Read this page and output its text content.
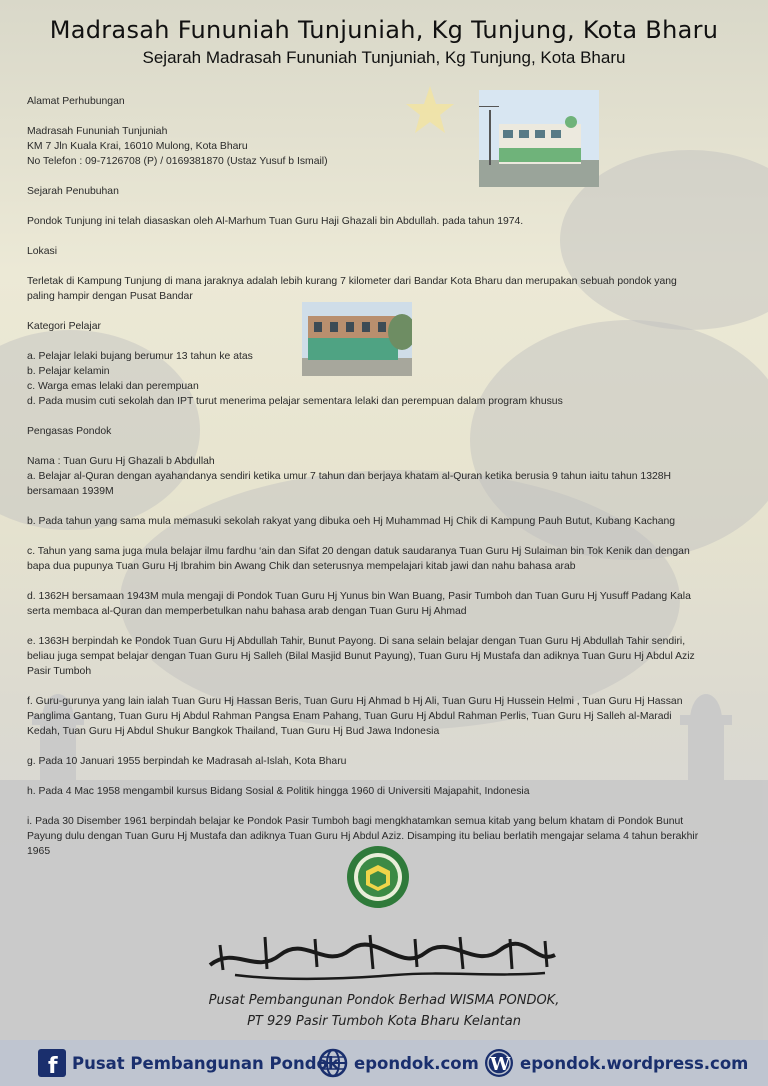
Madrasah Fununiah Tunjuniah, Kg Tunjung, Kota Bharu
Sejarah Madrasah Fununiah Tunjuniah, Kg Tunjung, Kota Bharu

Alamat Perhubungan

Madrasah Fununiah Tunjuniah

KM 7 Jln Kuala Krai, 16010 Mulong, Kota Bharu

No Telefon : 09-7126708 (P) / 0169381870 (Ustaz Yusuf b Ismail)

Sejarah Penubuhan

Pondok Tunjung ini telah diasaskan oleh Al-Marhum Tuan Guru Haji Ghazali bin Abdullah. pada tahun 1974.

Lokasi

Terletak di Kampung Tunjung di mana jaraknya adalah lebih kurang 7 kilometer dari Bandar Kota Bharu dan merupakan sebuah pondok yang

paling hampir dengan Pusat Bandar

Kategori Pelajar

a. Pelajar lelaki bujang berumur 13 tahun ke atas

b. Pelajar kelamin

c. Warga emas lelaki dan perempuan

d. Pada musim cuti sekolah dan IPT turut menerima pelajar sementara lelaki dan perempuan dalam program khusus

Pengasas Pondok

Nama : Tuan Guru Hj Ghazali b Abdullah

a. Belajar al-Quran dengan ayahandanya sendiri ketika umur 7 tahun dan berjaya khatam al-Quran ketika berusia 9 tahun iaitu tahun 1328H

bersamaan 1939M

b. Pada tahun yang sama mula memasuki sekolah rakyat yang dibuka oeh Hj Muhammad Hj Chik di Kampung Pauh Butut, Kubang Kachang

c. Tahun yang sama juga mula belajar ilmu fardhu ‘ain dan Sifat 20 dengan datuk saudaranya Tuan Guru Hj Sulaiman bin Tok Kenik dan dengan

bapa dua pupunya Tuan Guru Hj Ibrahim bin Awang Chik dan seterusnya mempelajari kitab jawi dan nahu bahasa arab

d. 1362H bersamaan 1943M mula mengaji di Pondok Tuan Guru Hj Yunus bin Wan Buang, Pasir Tumboh dan Tuan Guru Hj Yusuff Padang Kala

serta membaca al-Quran dan memperbetulkan nahu bahasa arab dengan Tuan Guru Hj Ahmad

e. 1363H berpindah ke Pondok Tuan Guru Hj Abdullah Tahir, Bunut Payong. Di sana selain belajar dengan Tuan Guru Hj Abdullah Tahir sendiri,

beliau juga sempat belajar dengan Tuan Guru Hj Salleh (Bilal Masjid Bunut Payung), Tuan Guru Hj Mustafa dan adiknya Tuan Guru Hj Abdul Aziz

Pasir Tumboh

f. Guru-gurunya yang lain ialah Tuan Guru Hj Hassan Beris, Tuan Guru Hj Ahmad b Hj Ali, Tuan Guru Hj Hussein Helmi , Tuan Guru Hj Hassan

Panglima Gantang, Tuan Guru Hj Abdul Rahman Pangsa Enam Pahang, Tuan Guru Hj Abdul Rahman Perlis, Tuan Guru Hj Salleh al-Maradi

Kedah, Tuan Guru Hj Abdul Shukur Bangkok Thailand, Tuan Guru Hj Bud Jawa Indonesia

g. Pada 10 Januari 1955 berpindah ke Madrasah al-Islah, Kota Bharu

h. Pada 4 Mac 1958 mengambil kursus Bidang Sosial & Politik hingga 1960 di Universiti Majapahit, Indonesia

i. Pada 30 Disember 1961 berpindah belajar ke Pondok Pasir Tumboh bagi mengkhatamkan semua kitab yang belum khatam di Pondok Bunut

Payung dulu dengan Tuan Guru Hj Mustafa dan adiknya Tuan Guru Hj Abdul Aziz. Disamping itu beliau berlatih mengajar selama 4 tahun berakhir

1965

Pusat Pembangunan Pondok Berhad WISMA PONDOK,
PT 929 Pasir Tumboh Kota Bharu Kelantan
f Pusat Pembangunan Pondok epondok.com W epondok.wordpress.com
